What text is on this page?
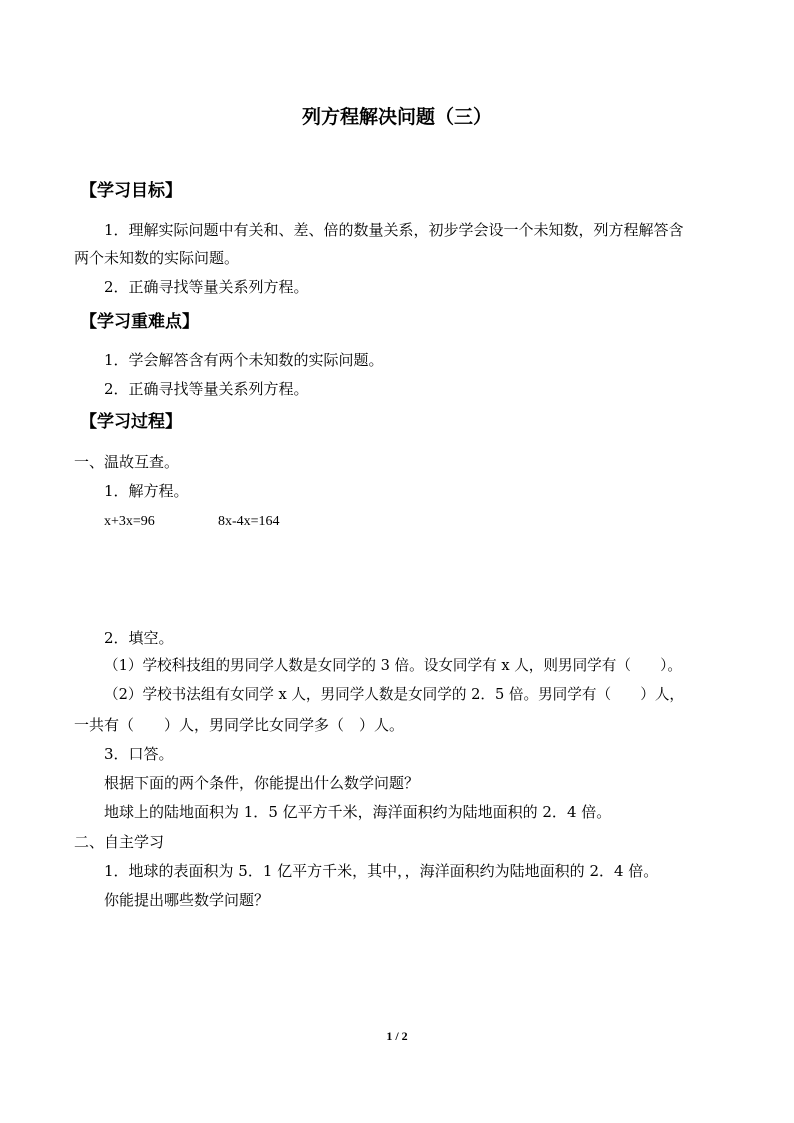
列方程解决问题（三）
【学习目标】

1．理解实际问题中有关和、差、倍的数量关系，初步学会设一个未知数，列方程解答含

两个未知数的实际问题。

2．正确寻找等量关系列方程。

【学习重难点】

1．学会解答含有两个未知数的实际问题。

2．正确寻找等量关系列方程。

【学习过程】

一、温故互查。

1．解方程。

x+3x=96	8x-4x=164

2．填空。

（1）学校科技组的男同学人数是女同学的 3 倍。设女同学有 x 人，则男同学有（　　）。

（2）学校书法组有女同学 x 人，男同学人数是女同学的 2．5 倍。男同学有（　　）人，

一共有（　　）人，男同学比女同学多（　）人。

3．口答。

根据下面的两个条件，你能提出什么数学问题？

地球上的陆地面积为 1．5 亿平方千米，海洋面积约为陆地面积的 2．4 倍。

二、自主学习

1．地球的表面积为 5．1 亿平方千米，其中，，海洋面积约为陆地面积的 2．4 倍。

你能提出哪些数学问题？

1 / 2
